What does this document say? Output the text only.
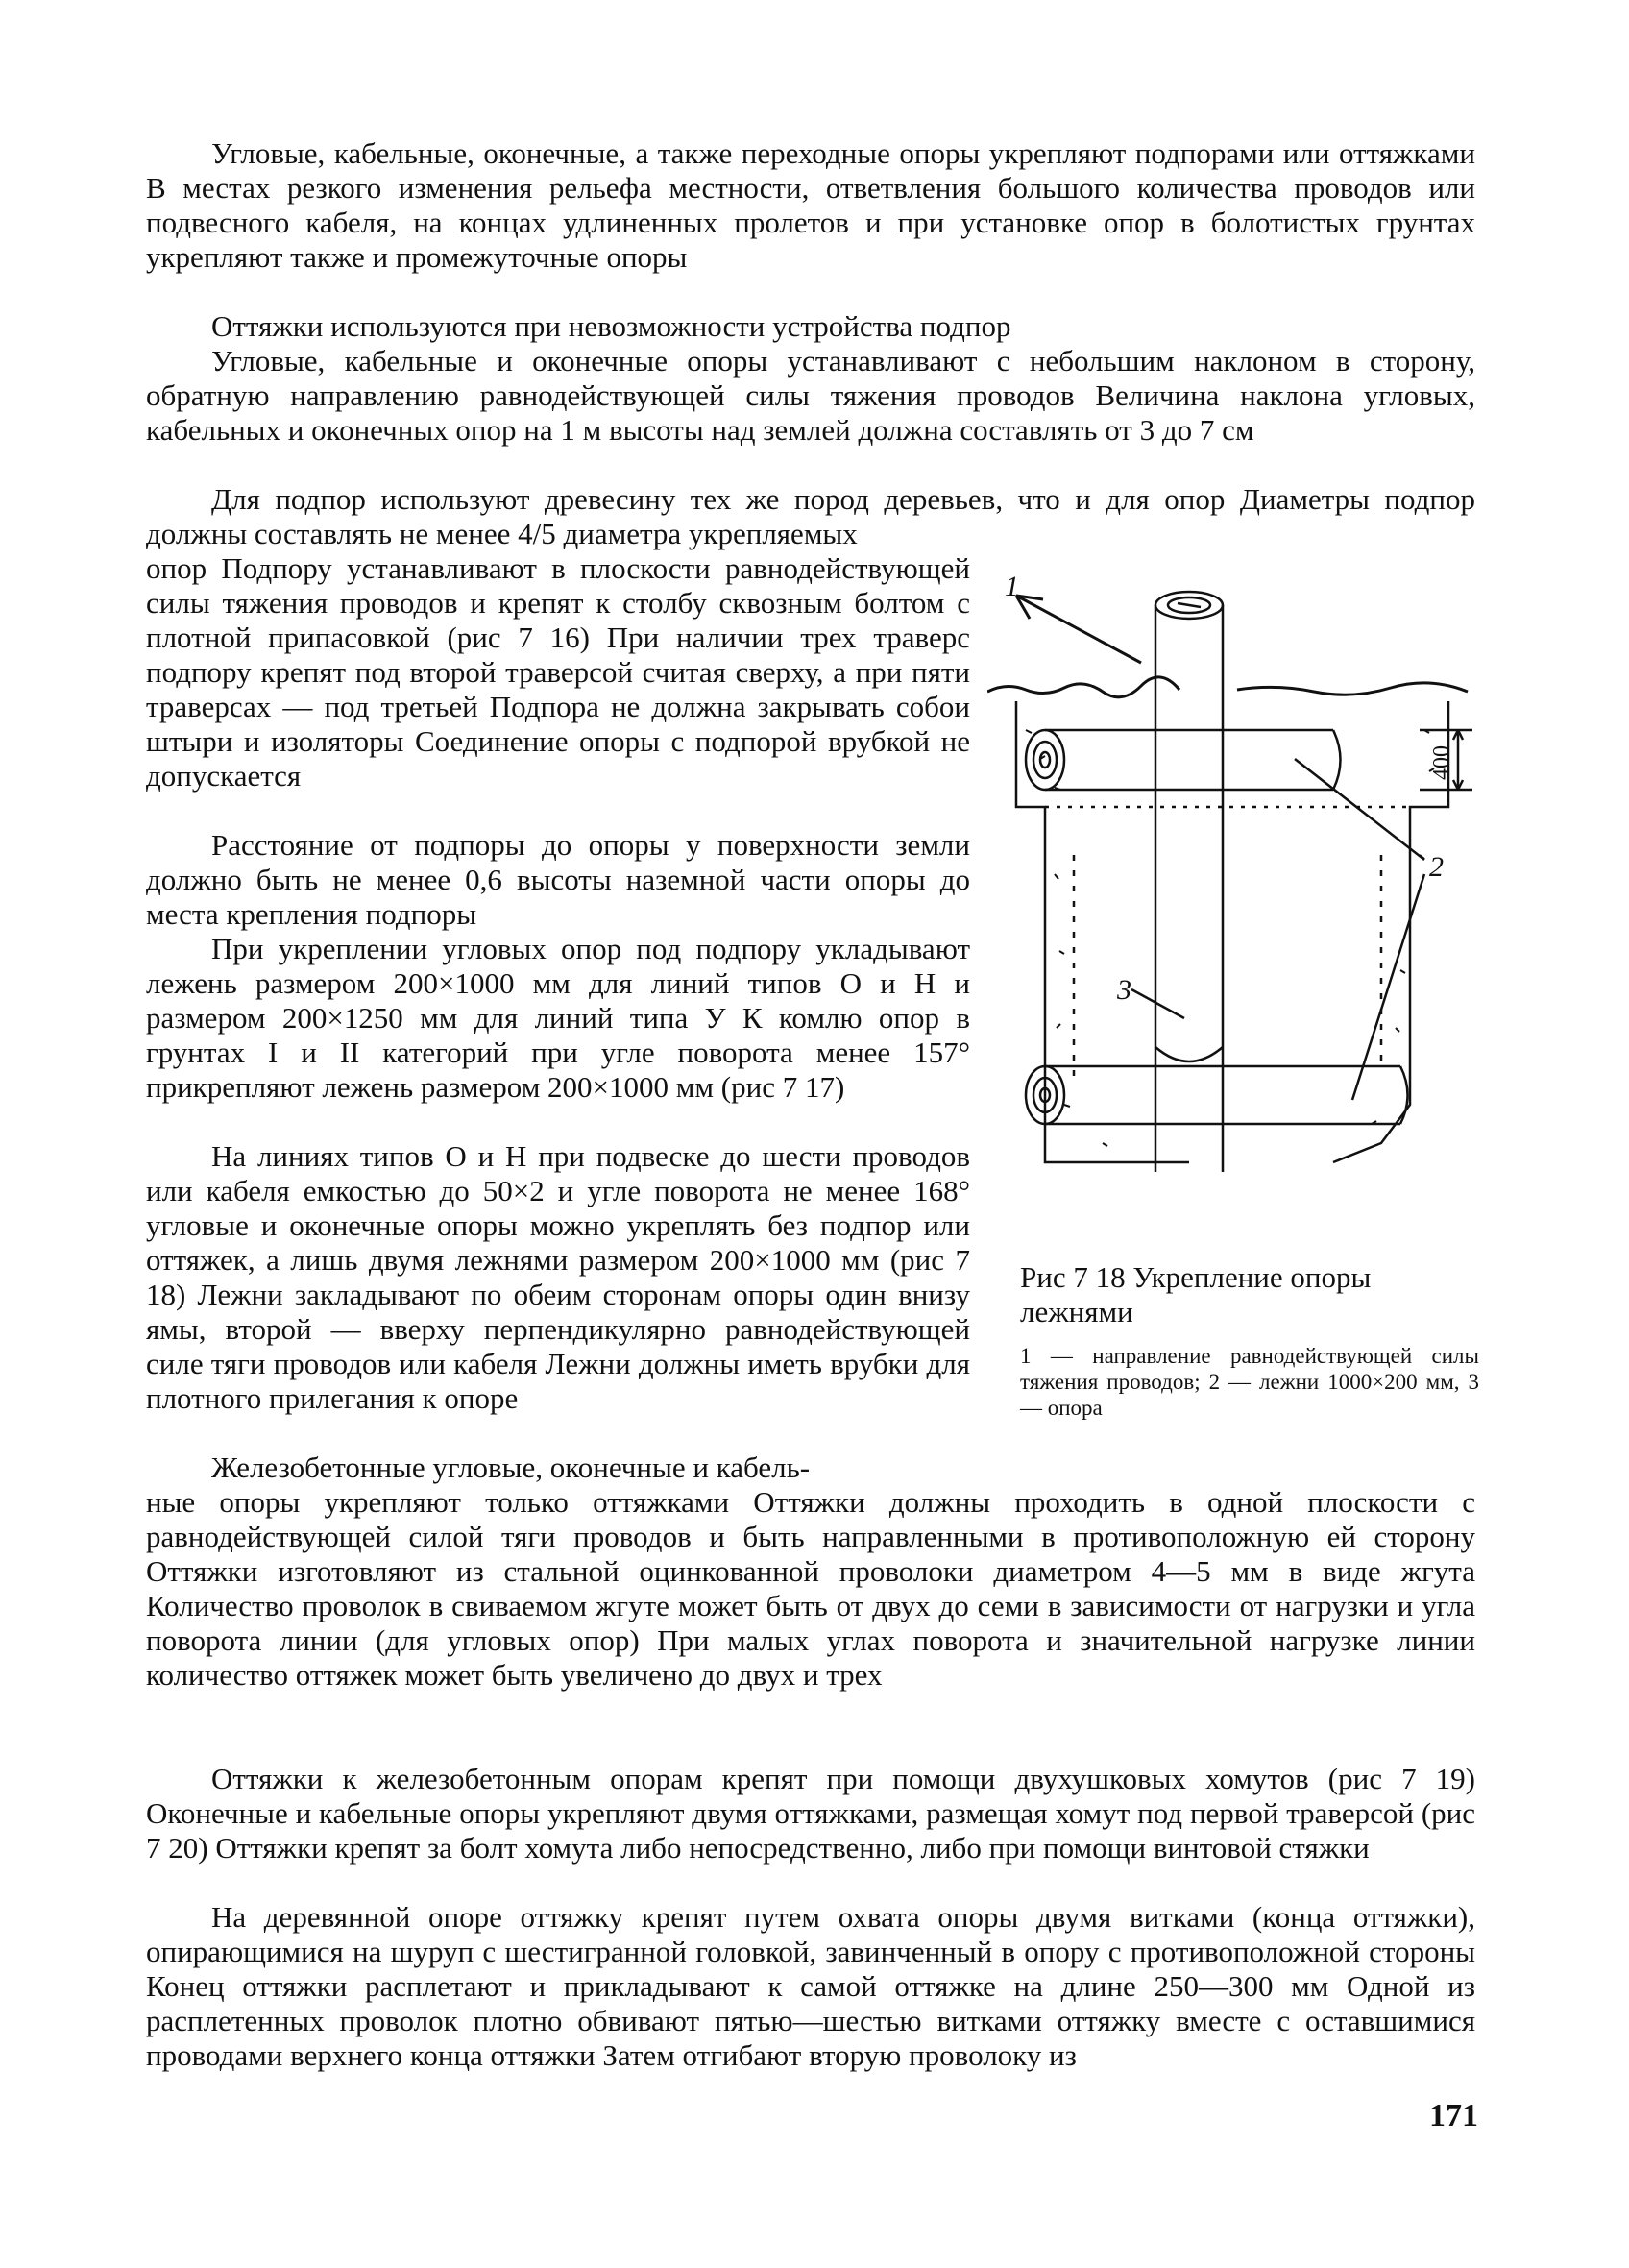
Угловые, кабельные, оконечные, а также переходные опоры укрепляют подпорами или оттяжками В местах резкого изменения рельефа местности, ответвления большого количества проводов или подвесного кабеля, на концах удлиненных пролетов и при установке опор в болотистых грунтах укрепляют также и промежуточные опоры

Оттяжки используются при невозможности устройства подпор

Угловые, кабельные и оконечные опоры устанавливают с небольшим наклоном в сторону, обратную направлению равнодействующей силы тяжения проводов Величина наклона угловых, кабельных и оконечных опор на 1 м высоты над землей должна составлять от 3 до 7 см

Для подпор используют древесину тех же пород деревьев, что и для опор Диаметры подпор должны составлять не менее 4/5 диаметра укрепляемых

опор Подпору устанавливают в плоскости равнодействующей силы тяжения проводов и крепят к столбу сквозным болтом с плотной припасовкой (рис 7 16) При наличии трех траверс подпору крепят под второй траверсой считая сверху, а при пяти траверсах — под третьей Подпора не должна закрывать собои штыри и изоляторы Соединение опоры с подпорой врубкой не допускается

Расстояние от подпоры до опоры у поверхности земли должно быть не менее 0,6 высоты наземной части опоры до места крепления подпоры

При укреплении угловых опор под подпору укладывают лежень размером 200×1000 мм для линий типов О и Н и размером 200×1250 мм для линий типа У К комлю опор в грунтах I и II категорий при угле поворота менее 157° прикрепляют лежень размером 200×1000 мм (рис 7 17)

На линиях типов О и Н при подвеске до шести проводов или кабеля емкостью до 50×2 и угле поворота не менее 168° угловые и оконечные опоры можно укреплять без подпор или оттяжек, а лишь двумя лежнями размером 200×1000 мм (рис 7 18) Лежни закладывают по обеим сторонам опоры один внизу ямы, второй — вверху перпендикулярно равнодействующей силе тяги проводов или кабеля Лежни должны иметь врубки для плотного прилегания к опоре

Железобетонные угловые, оконечные и кабель-

ные опоры укрепляют только оттяжками Оттяжки должны проходить в одной плоскости с равнодействующей силой тяги проводов и быть направленными в противоположную ей сторону Оттяжки изготовляют из стальной оцинкованной проволоки диаметром 4—5 мм в виде жгута Количество проволок в свиваемом жгуте может быть от двух до семи в зависимости от нагрузки и угла поворота линии (для угловых опор) При малых углах поворота и значительной нагрузке линии количество оттяжек может быть увеличено до двух и трех

Оттяжки к железобетонным опорам крепят при помощи двухушковых хомутов (рис 7 19) Оконечные и кабельные опоры укрепляют двумя оттяжками, размещая хомут под первой траверсой (рис 7 20) Оттяжки крепят за болт хомута либо непосредственно, либо при помощи винтовой стяжки

На деревянной опоре оттяжку крепят путем охвата опоры двумя витками (конца оттяжки), опирающимися на шуруп с шестигранной головкой, завинченный в опору с противоположной стороны Конец оттяжки расплетают и прикладывают к самой оттяжке на длине 250—300 мм Одной из расплетенных проволок плотно обвивают пятью—шестью витками оттяжку вместе с оставшимися проводами верхнего конца оттяжки Затем отгибают вторую проволоку из

1
2
3
400

Рис 7 18 Укрепление опоры лежнями

1 — направление равнодействующей силы тяжения проводов; 2 — лежни 1000×200 мм, 3 — опора

171
